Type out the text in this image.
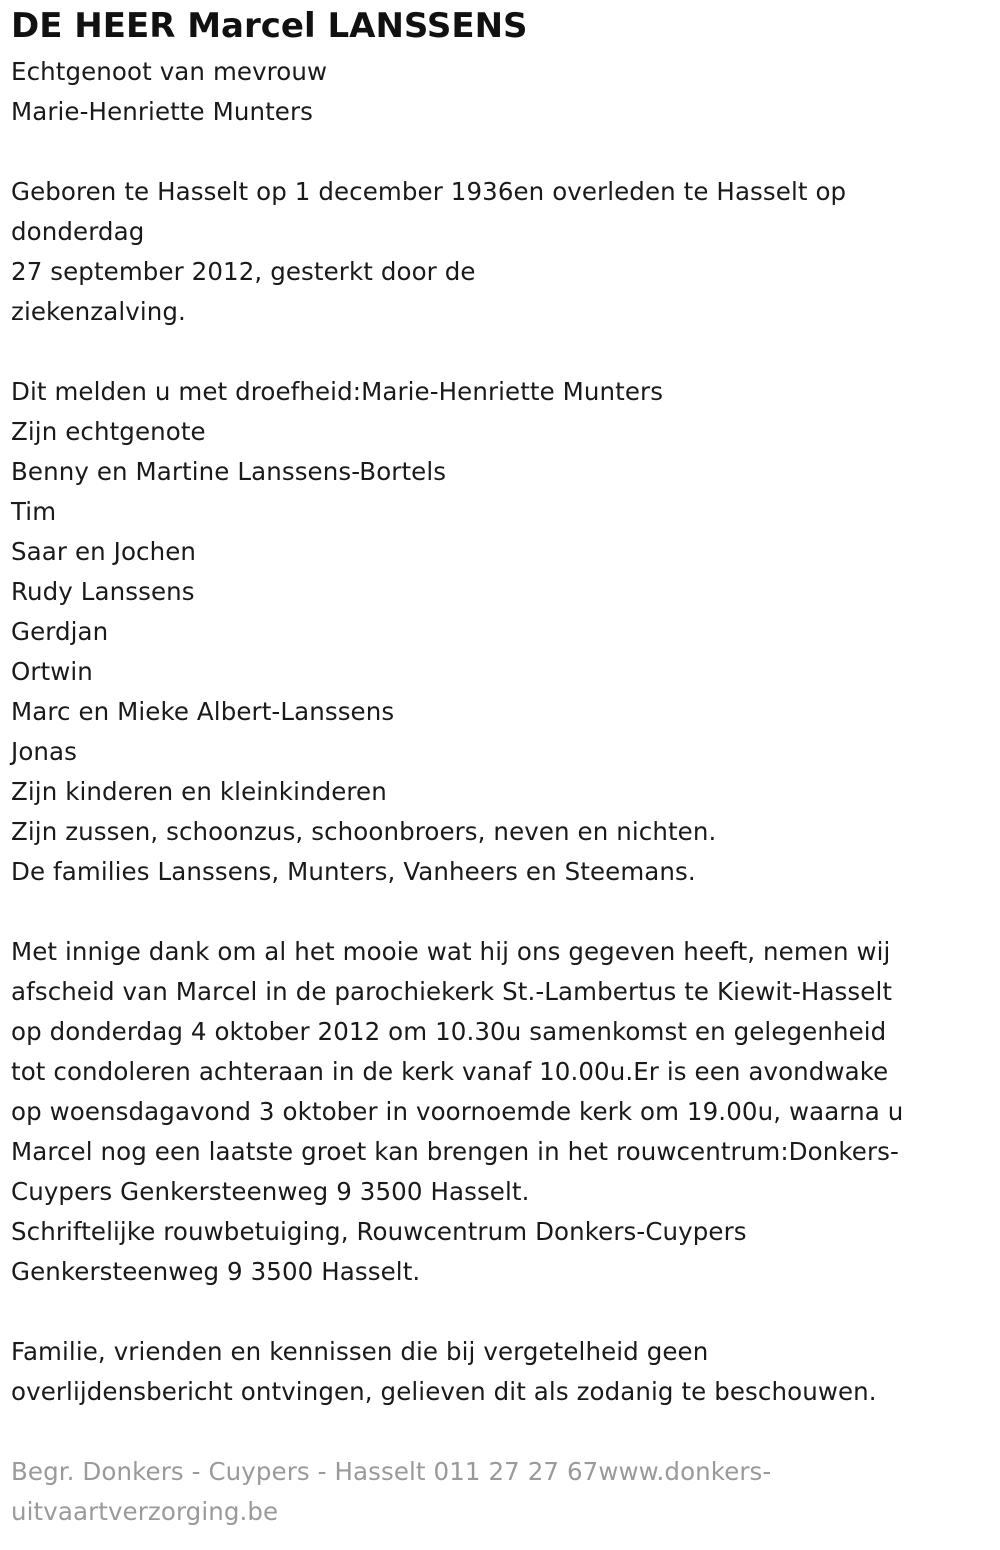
DE HEER Marcel LANSSENS

Echtgenoot van mevrouw

Marie-Henriette Munters

Geboren te Hasselt op 1 december 1936en overleden te Hasselt op

donderdag

27 september 2012, gesterkt door de

ziekenzalving.

Dit melden u met droefheid:Marie-Henriette Munters

Zijn echtgenote

Benny en Martine Lanssens-Bortels

Tim

Saar en Jochen

Rudy Lanssens

Gerdjan

Ortwin

Marc en Mieke Albert-Lanssens

Jonas

Zijn kinderen en kleinkinderen

Zijn zussen, schoonzus, schoonbroers, neven en nichten.

De families Lanssens, Munters, Vanheers en Steemans.

Met innige dank om al het mooie wat hij ons gegeven heeft, nemen wij

afscheid van Marcel in de parochiekerk St.-Lambertus te Kiewit-Hasselt

op donderdag 4 oktober 2012 om 10.30u samenkomst en gelegenheid

tot condoleren achteraan in de kerk vanaf 10.00u.Er is een avondwake

op woensdagavond 3 oktober in voornoemde kerk om 19.00u, waarna u

Marcel nog een laatste groet kan brengen in het rouwcentrum:Donkers-

Cuypers Genkersteenweg 9 3500 Hasselt.

Schriftelijke rouwbetuiging, Rouwcentrum Donkers-Cuypers

Genkersteenweg 9 3500 Hasselt.

Familie, vrienden en kennissen die bij vergetelheid geen

overlijdensbericht ontvingen, gelieven dit als zodanig te beschouwen.

Begr. Donkers - Cuypers - Hasselt 011 27 27 67www.donkers-

uitvaartverzorging.be
